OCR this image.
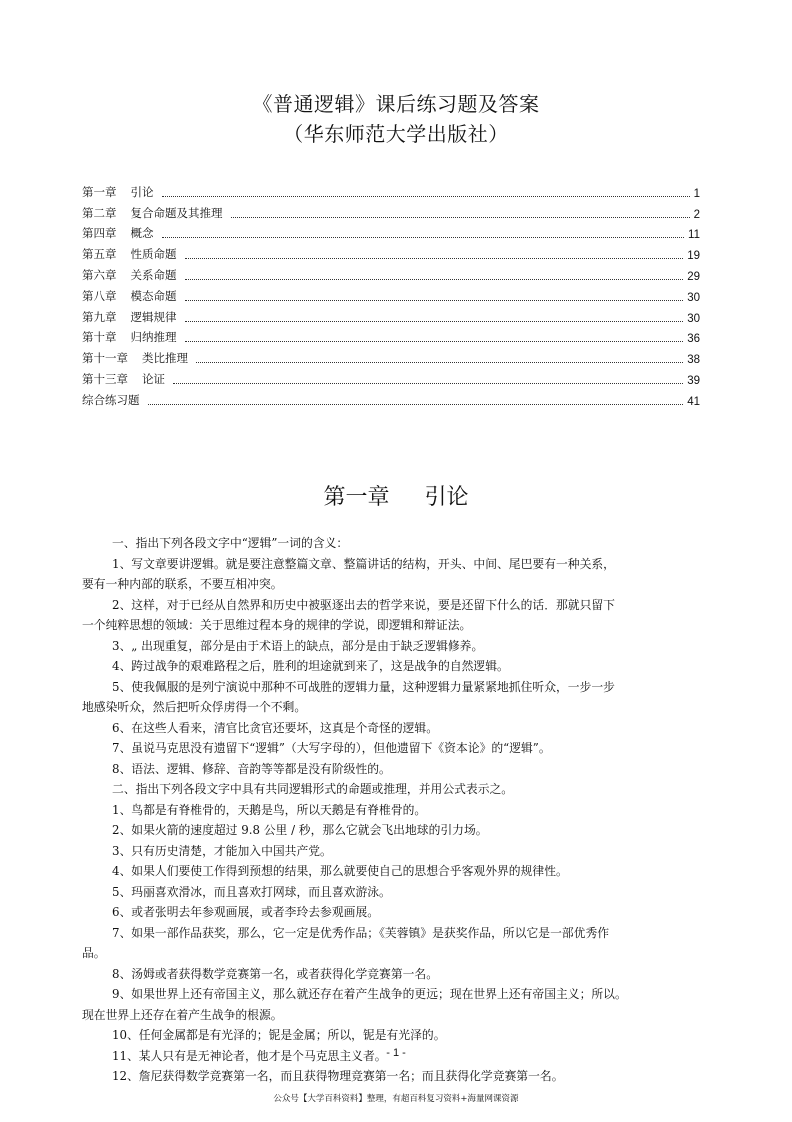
《普通逻辑》课后练习题及答案
（华东师范大学出版社）
第一章 引论	1
第二章 复合命题及其推理	2
第四章 概念	11
第五章 性质命题	19
第六章 关系命题	29
第八章 模态命题	30
第九章 逻辑规律	30
第十章 归纳推理	36
第十一章 类比推理	38
第十三章 论证	39
综合练习题	41
第一章 引论

一、指出下列各段文字中“逻辑”一词的含义：

1、写文章要讲逻辑。就是要注意整篇文章、整篇讲话的结构，开头、中间、尾巴要有一种关系，

要有一种内部的联系，不要互相冲突。

2、这样，对于已经从自然界和历史中被驱逐出去的哲学来说，要是还留下什么的话．那就只留下

一个纯粹思想的领域：关于思维过程本身的规律的学说，即逻辑和辩证法。

3、„ 出现重复，部分是由于术语上的缺点，部分是由于缺乏逻辑修养。

4、跨过战争的艰难路程之后，胜利的坦途就到来了，这是战争的自然逻辑。

5、使我佩服的是列宁演说中那种不可战胜的逻辑力量，这种逻辑力量紧紧地抓住听众，一步一步

地感染听众，然后把听众俘虏得一个不剩。

6、在这些人看来，清官比贪官还要坏，这真是个奇怪的逻辑。

7、虽说马克思没有遗留下“逻辑”（大写字母的），但他遗留下《资本论》的“逻辑”。

8、语法、逻辑、修辞、音韵等等都是没有阶级性的。

二、指出下列各段文字中具有共同逻辑形式的命题或推理，并用公式表示之。

1、鸟都是有脊椎骨的，天鹅是鸟，所以天鹅是有脊椎骨的。

2、如果火箭的速度超过 9.8 公里 / 秒，那么它就会飞出地球的引力场。

3、只有历史清楚，才能加入中国共产党。

4、如果人们要使工作得到预想的结果，那么就要使自己的思想合乎客观外界的规律性。

5、玛丽喜欢滑冰，而且喜欢打网球，而且喜欢游泳。

6、或者张明去年参观画展，或者李玲去参观画展。

7、如果一部作品获奖，那么，它一定是优秀作品；《芙蓉镇》是获奖作品，所以它是一部优秀作

品。

8、汤姆或者获得数学竞赛第一名，或者获得化学竞赛第一名。

9、如果世界上还有帝国主义，那么就还存在着产生战争的更远；现在世界上还有帝国主义；所以。

现在世界上还存在着产生战争的根源。

10、任何金属都是有光泽的；铌是金属；所以，铌是有光泽的。

11、某人只有是无神论者，他才是个马克思主义者。

12、詹尼获得数学竞赛第一名，而且获得物理竞赛第一名；而且获得化学竞赛第一名。

- 1 -
公众号【大学百科资料】整理，有超百科复习资料+海量网课资源
